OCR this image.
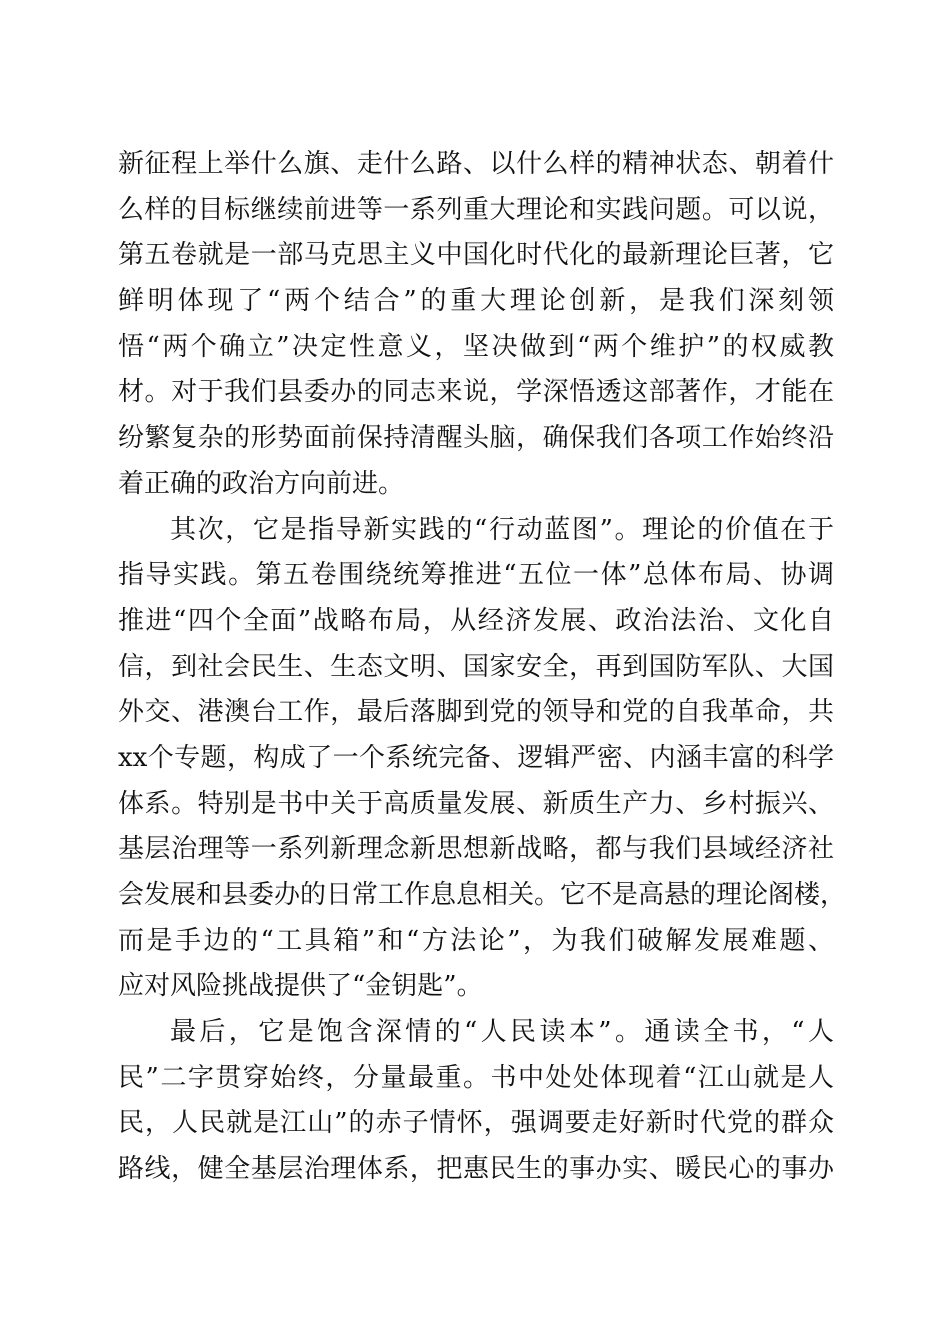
新征程上举什么旗、走什么路、以什么样的精神状态、朝着什
么样的目标继续前进等一系列重大理论和实践问题。可以说，
第五卷就是一部马克思主义中国化时代化的最新理论巨著，它
鲜明体现了“两个结合”的重大理论创新，是我们深刻领
悟“两个确立”决定性意义，坚决做到“两个维护”的权威教
材。对于我们县委办的同志来说，学深悟透这部著作，才能在
纷繁复杂的形势面前保持清醒头脑，确保我们各项工作始终沿
着正确的政治方向前进。
其次，它是指导新实践的“行动蓝图”。理论的价值在于
指导实践。第五卷围绕统筹推进“五位一体”总体布局、协调
推进“四个全面”战略布局，从经济发展、政治法治、文化自
信，到社会民生、生态文明、国家安全，再到国防军队、大国
外交、港澳台工作，最后落脚到党的领导和党的自我革命，共
xx个专题，构成了一个系统完备、逻辑严密、内涵丰富的科学
体系。特别是书中关于高质量发展、新质生产力、乡村振兴、
基层治理等一系列新理念新思想新战略，都与我们县域经济社
会发展和县委办的日常工作息息相关。它不是高悬的理论阁楼，
而是手边的“工具箱”和“方法论”，为我们破解发展难题、
应对风险挑战提供了“金钥匙”。
最后，它是饱含深情的“人民读本”。通读全书，“人
民”二字贯穿始终，分量最重。书中处处体现着“江山就是人
民，人民就是江山”的赤子情怀，强调要走好新时代党的群众
路线，健全基层治理体系，把惠民生的事办实、暖民心的事办
